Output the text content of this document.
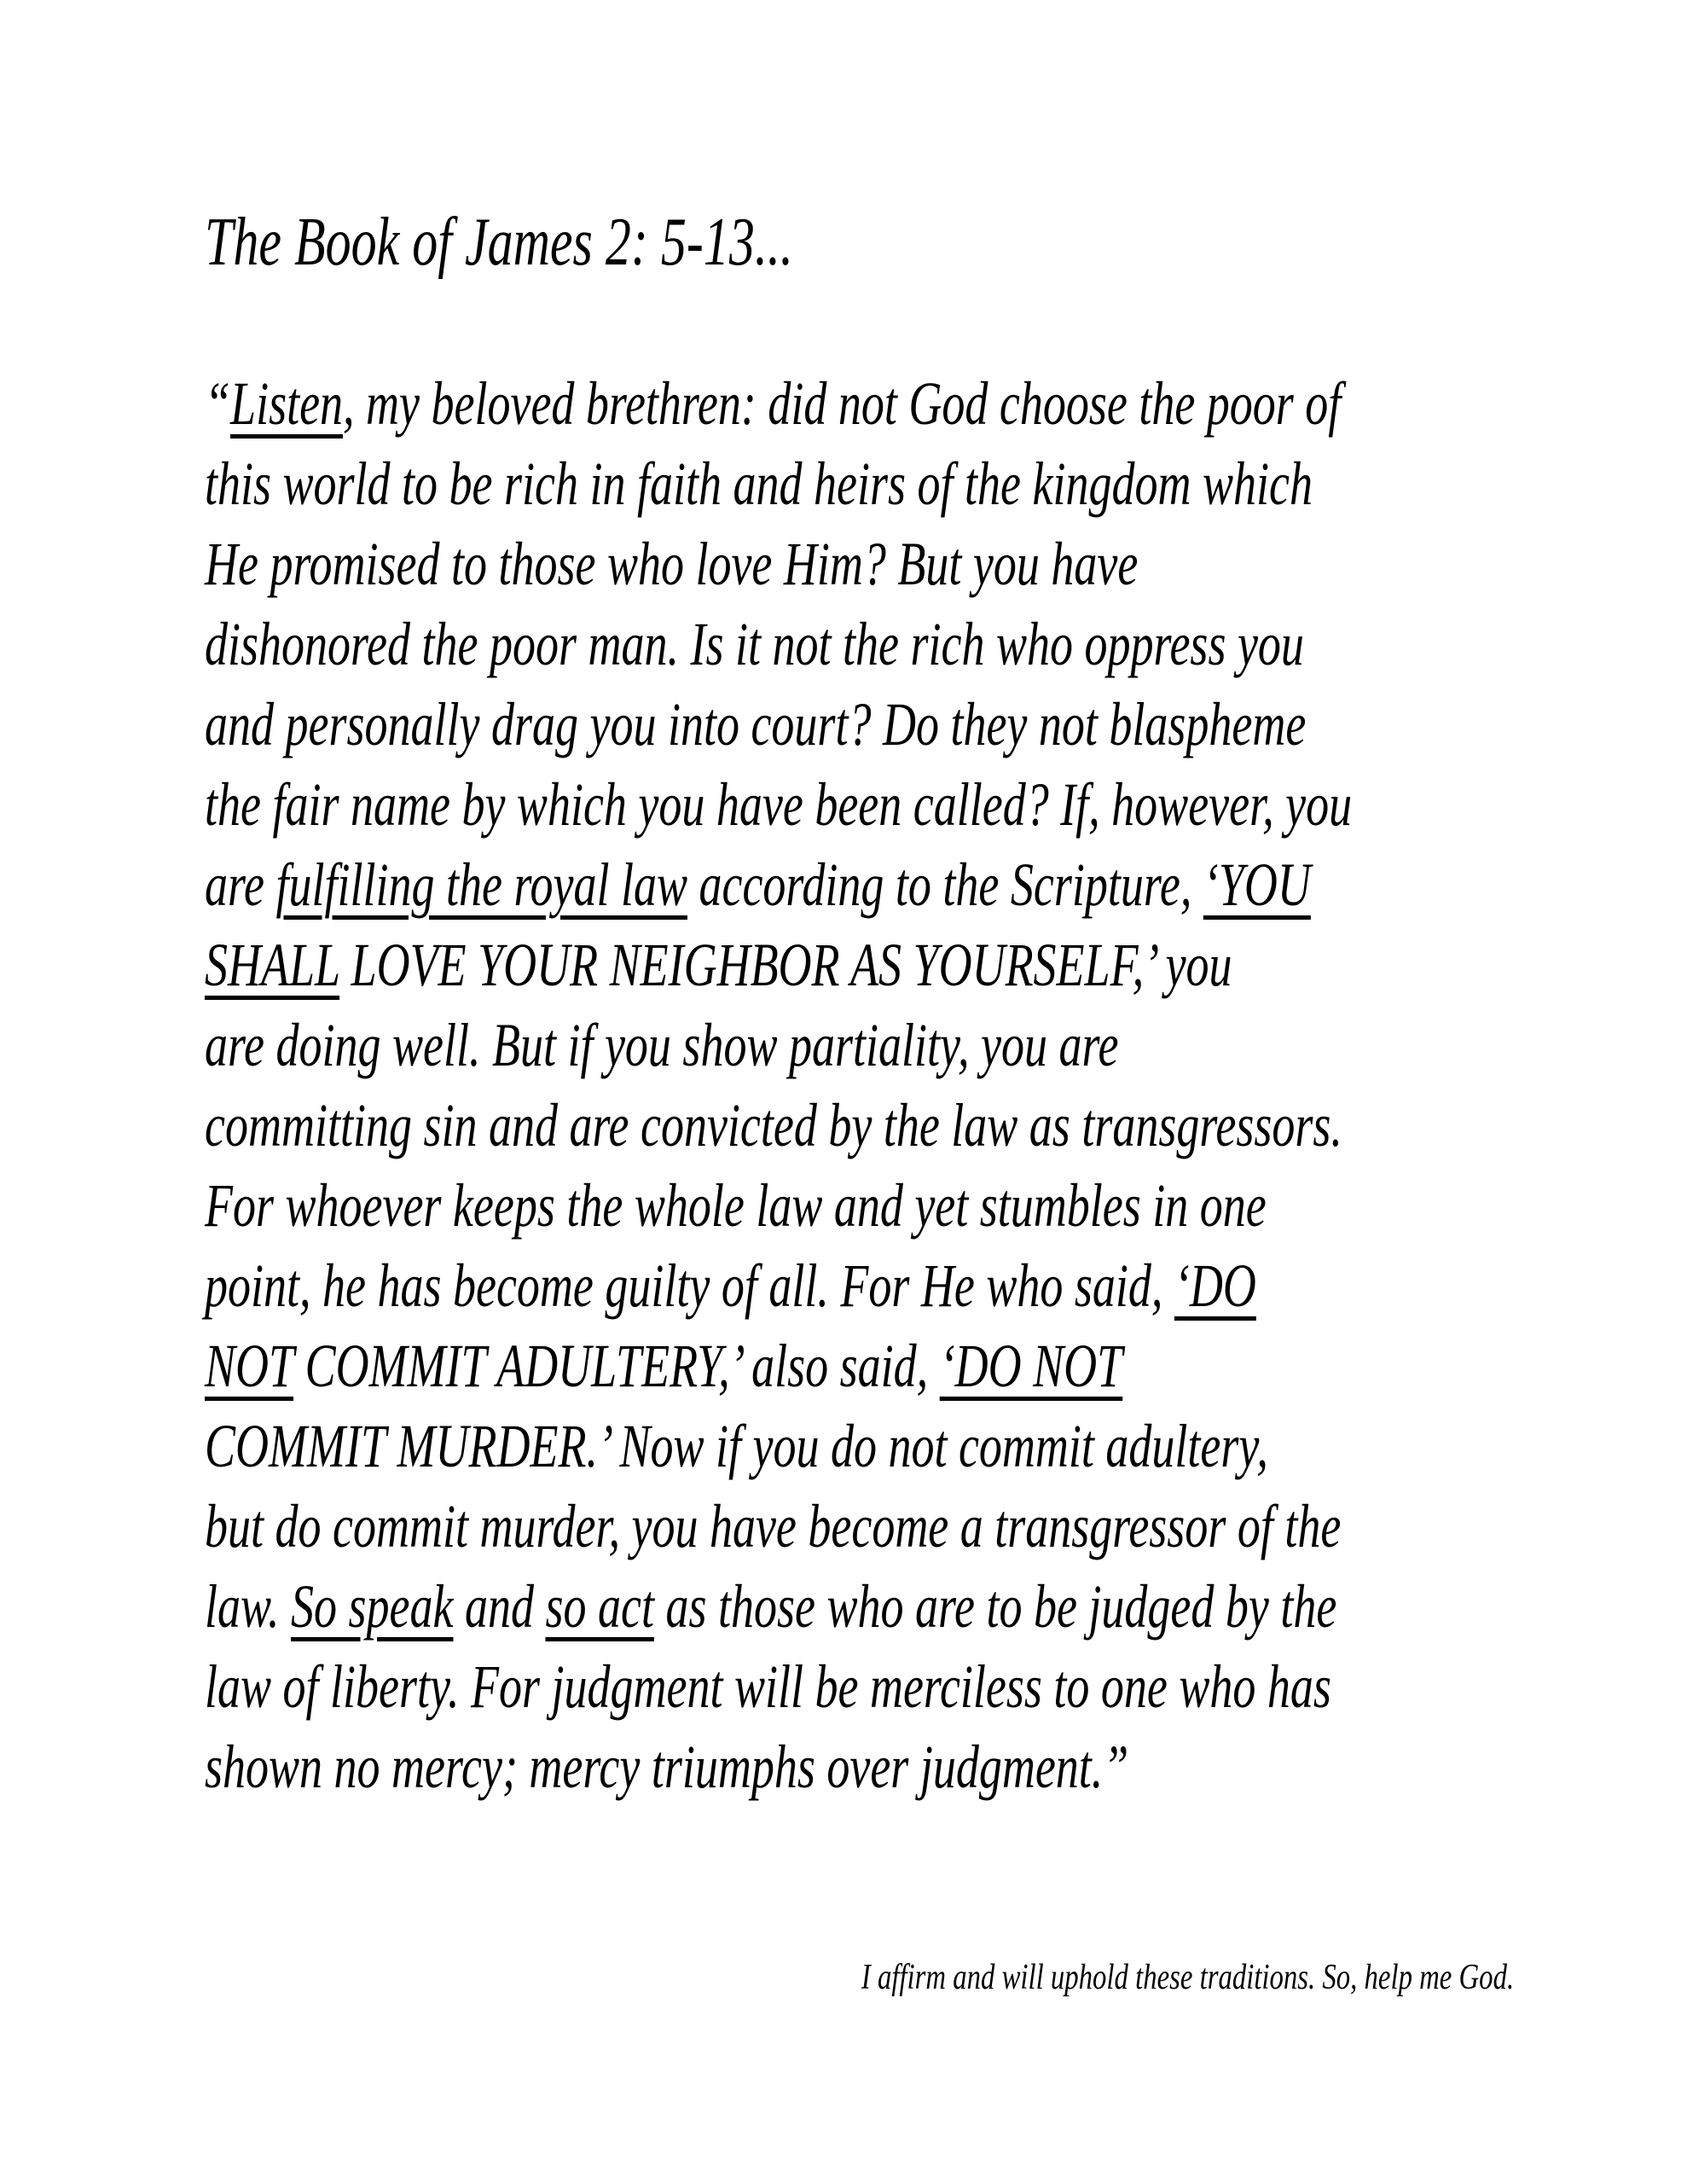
The Book of James 2: 5-13...
“Listen, my beloved brethren: did not God choose the poor of
this world to be rich in faith and heirs of the kingdom which
He promised to those who love Him? But you have
dishonored the poor man. Is it not the rich who oppress you
and personally drag you into court? Do they not blaspheme
the fair name by which you have been called? If, however, you
are fulfilling the royal law according to the Scripture, ‘YOU
SHALL LOVE YOUR NEIGHBOR AS YOURSELF,’ you
are doing well. But if you show partiality, you are
committing sin and are convicted by the law as transgressors.
For whoever keeps the whole law and yet stumbles in one
point, he has become guilty of all. For He who said, ‘DO
NOT COMMIT ADULTERY,’ also said, ‘DO NOT
COMMIT MURDER.’ Now if you do not commit adultery,
but do commit murder, you have become a transgressor of the
law. So speak and so act as those who are to be judged by the
law of liberty. For judgment will be merciless to one who has
shown no mercy; mercy triumphs over judgment.”
I affirm and will uphold these traditions. So, help me God.
